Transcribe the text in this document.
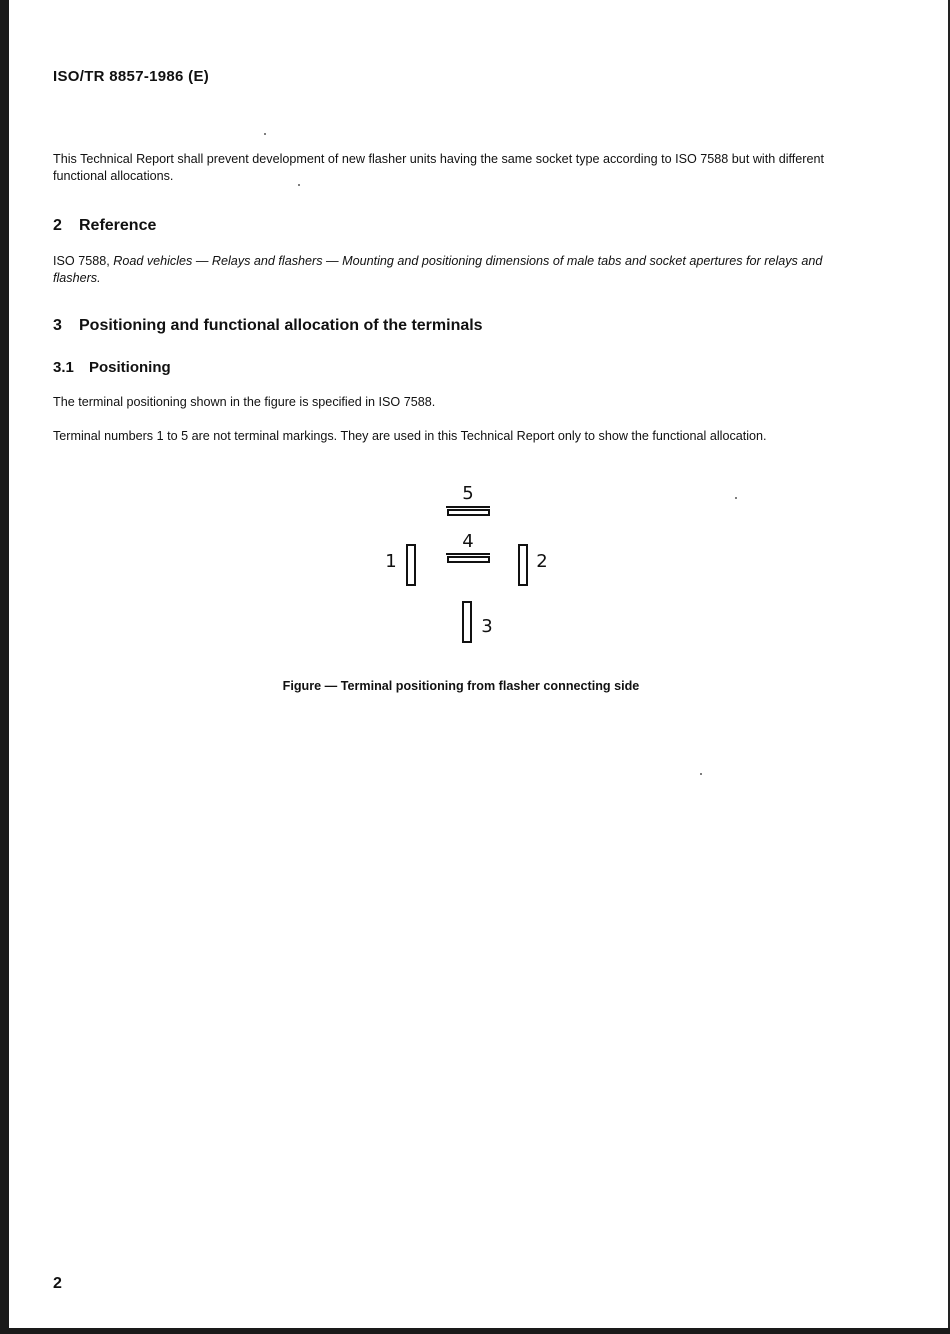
ISO/TR 8857-1986 (E)
This Technical Report shall prevent development of new flasher units having the same socket type according to ISO 7588 but with different functional allocations.
2 Reference
ISO 7588, Road vehicles — Relays and flashers — Mounting and positioning dimensions of male tabs and socket apertures for relays and flashers.
3 Positioning and functional allocation of the terminals
3.1 Positioning
The terminal positioning shown in the figure is specified in ISO 7588.
Terminal numbers 1 to 5 are not terminal markings. They are used in this Technical Report only to show the functional allocation.
5
4
1	2
3
Figure — Terminal positioning from flasher connecting side
2
